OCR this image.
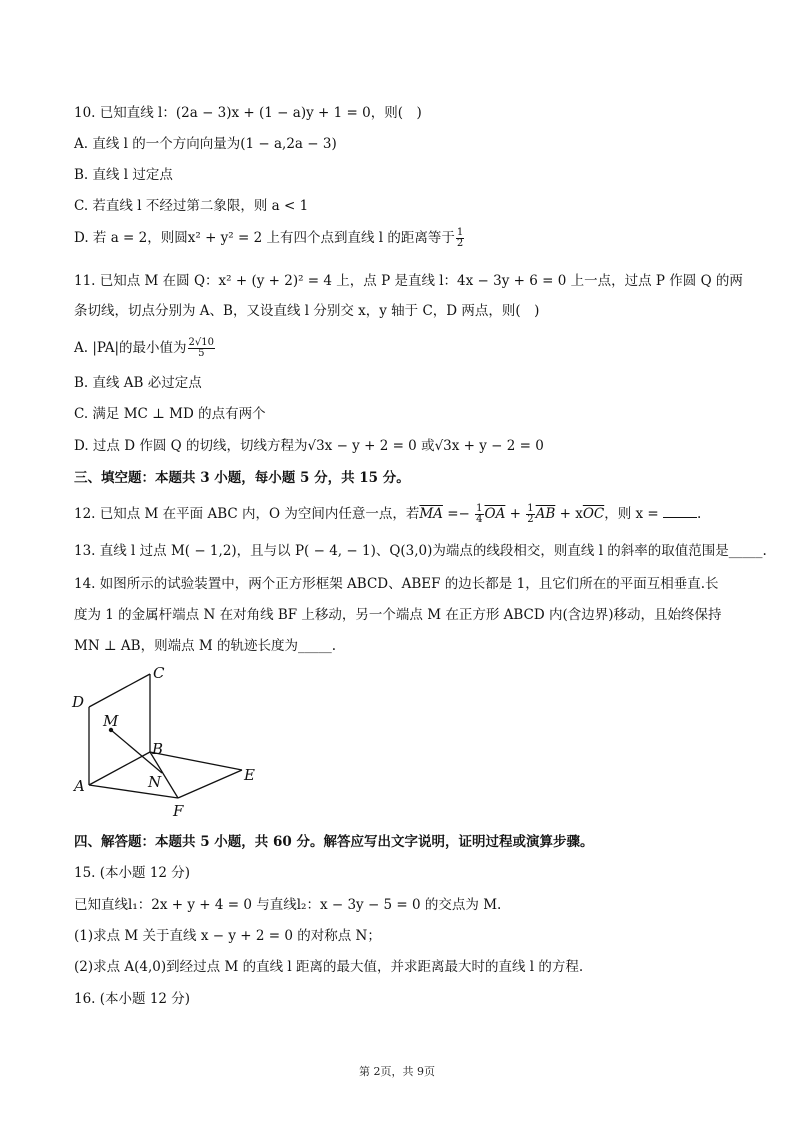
10. 已知直线 l：(2a − 3)x + (1 − a)y + 1 = 0，则(　)
A. 直线 l 的一个方向向量为(1 − a,2a − 3)
B. 直线 l 过定点
C. 若直线 l 不经过第二象限，则 a < 1
D. 若 a = 2，则圆x² + y² = 2 上有四个点到直线 l 的距离等于 $\frac{1}{2}$
11. 已知点 M 在圆 Q：x² + (y + 2)² = 4 上，点 P 是直线 l：4x − 3y + 6 = 0 上一点，过点 P 作圆 Q 的两
条切线，切点分别为 A、B，又设直线 l 分别交 x，y 轴于 C，D 两点，则(　)
A. |PA|的最小值为 $\frac{2√10}{5}$
B. 直线 AB 必过定点
C. 满足 MC ⊥ MD 的点有两个
D. 过点 D 作圆 Q 的切线，切线方程为√3x − y + 2 = 0 或√3x + y − 2 = 0
三、填空题：本题共 3 小题，每小题 5 分，共 15 分。
12. 已知点 M 在平面 ABC 内，O 为空间内任意一点，若$\overline{MA} =- \frac{1}{4} \overline{OA} + \frac{1}{2} \overline{AB} + x\overline{OC}$，则 x =	.
13. 直线 l 过点 M( − 1,2)，且与以 P( − 4, − 1)、Q(3,0)为端点的线段相交，则直线 l 的斜率的取值范围是_____.
14. 如图所示的试验装置中，两个正方形框架 ABCD、ABEF 的边长都是 1，且它们所在的平面互相垂直.长
度为 1 的金属杆端点 N 在对角线 BF 上移动，另一个端点 M 在正方形 ABCD 内(含边界)移动，且始终保持
MN ⊥ AB，则端点 M 的轨迹长度为_____.
C
D
M
B
N	E
A
F
四、解答题：本题共 5 小题，共 60 分。解答应写出文字说明，证明过程或演算步骤。
15. (本小题 12 分)
已知直线l₁：2x + y + 4 = 0 与直线l₂：x − 3y − 5 = 0 的交点为 M.
(1)求点 M 关于直线 x − y + 2 = 0 的对称点 N；
(2)求点 A(4,0)到经过点 M 的直线 l 距离的最大值，并求距离最大时的直线 l 的方程.
16. (本小题 12 分)
第 2页，共 9页
